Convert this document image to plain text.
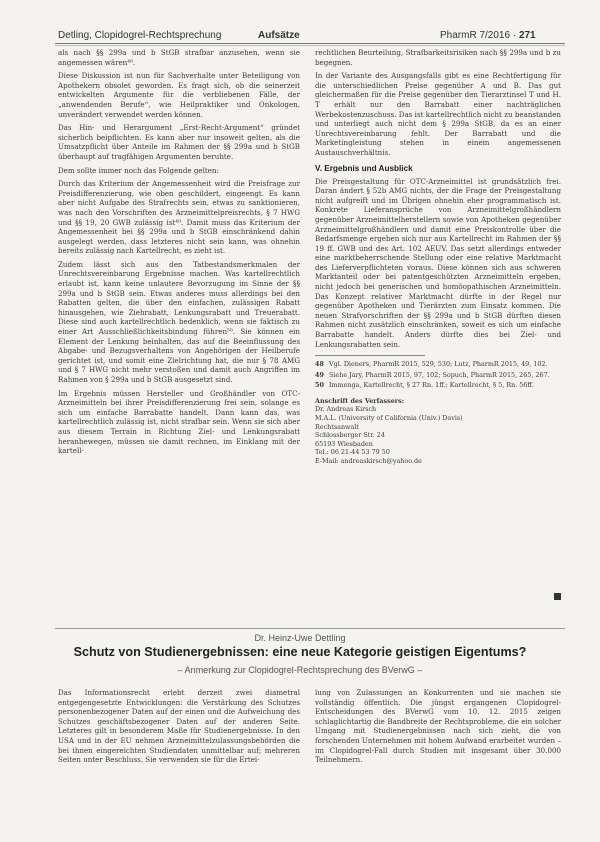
Detling, Clopidogrel-Rechtsprechung	Aufsätze	PharmR 7/2016 · 271

als nach §§ 299a und b StGB strafbar anzusehen, wenn sie angemessen wären⁴⁸.

Diese Diskussion ist nun für Sachverhalte unter Beteiligung von Apothekern obsolet geworden. Es fragt sich, ob die seinerzeit entwickelten Argumente für die verbliebenen Fälle, der „anwendenden Berufe“, wie Heilpraktiker und Onkologen, unverändert verwendet werden können.

Das Hin- und Herargument „Erst-Recht-Argument“ gründet sicherlich beipflichten. Es kann aber nur insoweit gelten, als die Umsatzpflicht über Anteile im Rahmen der §§ 299a und b StGB überhaupt auf tragfähigen Argumenten beruhte.

Dem sollte immer noch das Folgende gelten:

Durch das Kriterium der Angemessenheit wird die Preisfrage zur Preisdifferenzierung, wie oben geschildert, eingeengt. Es kann aber nicht Aufgabe des Strafrechts sein, etwas zu sanktionieren, was nach den Vorschriften des Arzneimittelpreisrechts, § 7 HWG und §§ 19, 20 GWB zulässig ist⁴⁹. Damit muss das Kriterium der Angemessenheit bei §§ 299a und b StGB einschränkend dahin ausgelegt werden, dass letzteres nicht sein kann, was ohnehin bereits zulässig nach Kartellrecht, es zieht ist.

Zudem lässt sich aus den Tatbestandsmerkmalen der Unrechtsvereinbarung Ergebnisse machen. Was kartellrechtlich erlaubt ist, kann keine unlautere Bevorzugung im Sinne der §§ 299a und b StGB sein. Etwas anderes muss allerdings bei den Rabatten gelten, die über den einfachen, zulässigen Rabatt hinausgehen, wie Ziehrabatt, Lenkungsrabatt und Treuerabatt. Diese sind auch kartellrechtlich bedenklich, wenn sie faktisch zu einer Art Ausschließlichkeitsbindung führen⁵⁰. Sie können ein Element der Lenkung beinhalten, das auf die Beeinflussung des Abgabe- und Bezugsverhaltens von Angehörigen der Heilberufe gerichtet ist, und somit eine Zielrichtung hat, die nur § 78 AMG und § 7 HWG nicht mehr verstoßen und damit auch Angriffen im Rahmen von § 299a und b StGB ausgesetzt sind.

Im Ergebnis müssen Hersteller und Großhändler von OTC-Arzneimitteln bei ihrer Preisdifferenzierung frei sein, solange es sich um einfache Barrabatte handelt. Dann kann das, was kartellrechtlich zulässig ist, nicht strafbar sein. Wenn sie sich aber aus diesem Terrain in Richtung Ziel- und Lenkungsrabatt heranbewegen, müssen sie damit rechnen, im Einklang mit der kartell-

rechtlichen Beurteilung, Strafbarkeitsrisiken nach §§ 299a und b zu begegnen.

In der Variante des Ausgangsfalls gibt es eine Rechtfertigung für die unterschiedlichen Preise gegenüber A und B. Das gut gleichermaßen für die Preise gegenüber den Tierarztinsel T und H. T erhält nur den Barrabatt einer nachträglichen Werbekostenzuschuss. Das ist kartellrechtlich nicht zu beanstanden und unterliegt auch nicht dem § 299a StGB, da es an einer Unrechtsvereinbarung fehlt. Der Barrabatt und die Marketingleistung stehen in einem angemessenen Austauschverhältnis.

V. Ergebnis und Ausblick

Die Preisgestaltung für OTC-Arzneimittel ist grundsätzlich frei. Daran ändert § 52b AMG nichts, der die Frage der Preisgestaltung nicht aufgreift und im Übrigen ohnehin eher programmatisch ist. Konkrete Lieferansprüche von Arzneimittelgroßhändlern gegenüber Arzneimittelherstellern sowie von Apotheken gegenüber Arzneimittelgroßhändlern und damit eine Preiskontrolle über die Bedarfsmenge ergeben sich nur aus Kartellrecht im Rahmen der §§ 19 ff. GWB und des Art. 102 AEUV. Das setzt allerdings entweder eine marktbeherrschende Stellung oder eine relative Marktmacht des Lieferverpflichteten voraus. Diese können sich aus schweren Marktanteil oder bei patentgeschützten Arzneimitteln ergeben, nicht jedoch bei generischen und homöopathischen Arzneimitteln. Das Konzept relativer Marktmacht dürfte in der Regel nur gegenüber Apotheken und Tierärzten zum Einsatz kommen. Die neuen Strafvorschriften der §§ 299a und b StGB dürften diesen Rahmen nicht zusätzlich einschränken, soweit es sich um einfache Barrabatte handelt. Anders dürfte dies bei Ziel- und Lenkungsrabatten sein.

48 Vgl. Dieners, PharmR 2015, 529, 530; Lutz, PharmR 2015, 49, 102.
49 Siehe Jary, PharmR 2015, 97, 102; Sopuch, PharmR 2015, 265, 267.
50 Immenga, Kartellrecht, § 27 Rn. 1ff.; Kartellrecht, § 5, Rn. 56ff.
Anschrift des Verfassers:
Dr. Andreas Kirsch
M.A.L. (University of California (Univ.) Davis)
Rechtsanwalt
Schlossberger Str. 24
65193 Wiesbaden
Tel.: 06 21-44 53 79 50
E-Mail: andreaskirsch@yahoo.de
Dr. Heinz-Uwe Dettling
Schutz von Studienergebnissen: eine neue Kategorie geistigen Eigentums?
– Anmerkung zur Clopidogrel-Rechtsprechung des BVerwG –

Das Informationsrecht erlebt derzeit zwei diametral entgegengesetzte Entwicklungen: die Verstärkung des Schutzes personenbezogener Daten auf der einen und die Aufweichung des Schutzes geschäftsbezogener Daten auf der anderen Seite. Letzteres gilt in besonderem Maße für Studienergebnisse. In den USA und in der EU nehmen Arzneimittelzulassungsbehörden die bei ihnen eingereichten Studiendaten unmittelbar auf; mehreren Seiten unter Beschluss. Sie verwenden sie für die Ertei-

lung von Zulassungen an Konkurrenten und sie machen sie vollständig öffentlich. Die jüngst ergangenen Clopidogrel-Entscheidungen des BVerwG vom 10. 12. 2015 zeigen schlaglichtartig die Bandbreite der Rechtsprobleme, die ein solcher Umgang mit Studienergebnissen nach sich zieht, die von forschenden Unternehmen mit hohem Aufwand erarbeitet wurden – im Clopidogrel-Fall durch Studien mit insgesamt über 30.000 Teilnehmern.
